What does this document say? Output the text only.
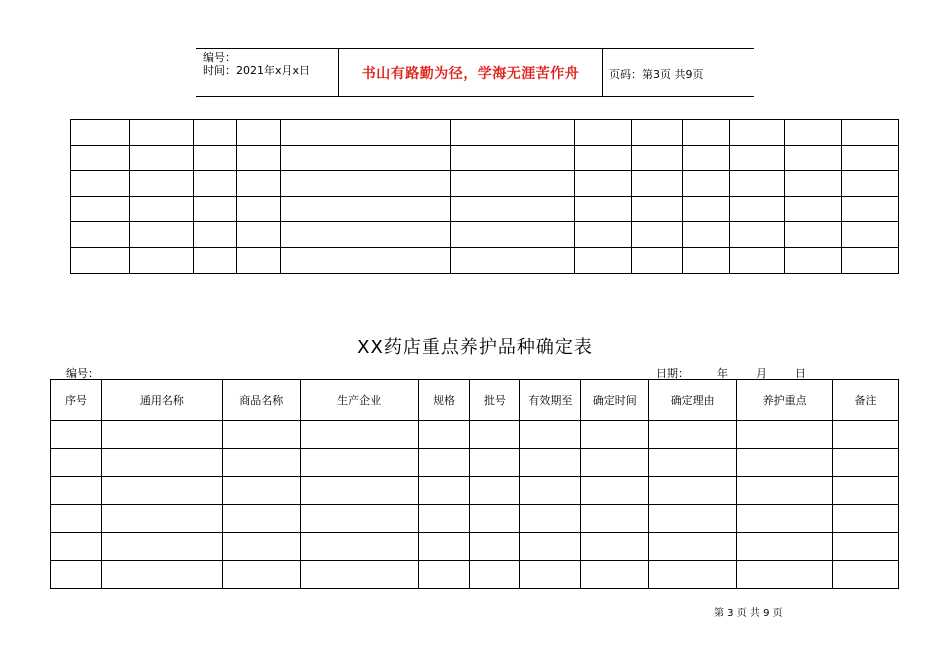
编号：
时间：2021年x月x日	书山有路勤为径，学海无涯苦作舟	页码：第3页 共9页

XX药店重点养护品种确定表
编号：	日期：        年        月        日
序号	通用名称	商品名称	生产企业	规格	批号	有效期至	确定时间	确定理由	养护重点	备注

第 3 页 共 9 页
